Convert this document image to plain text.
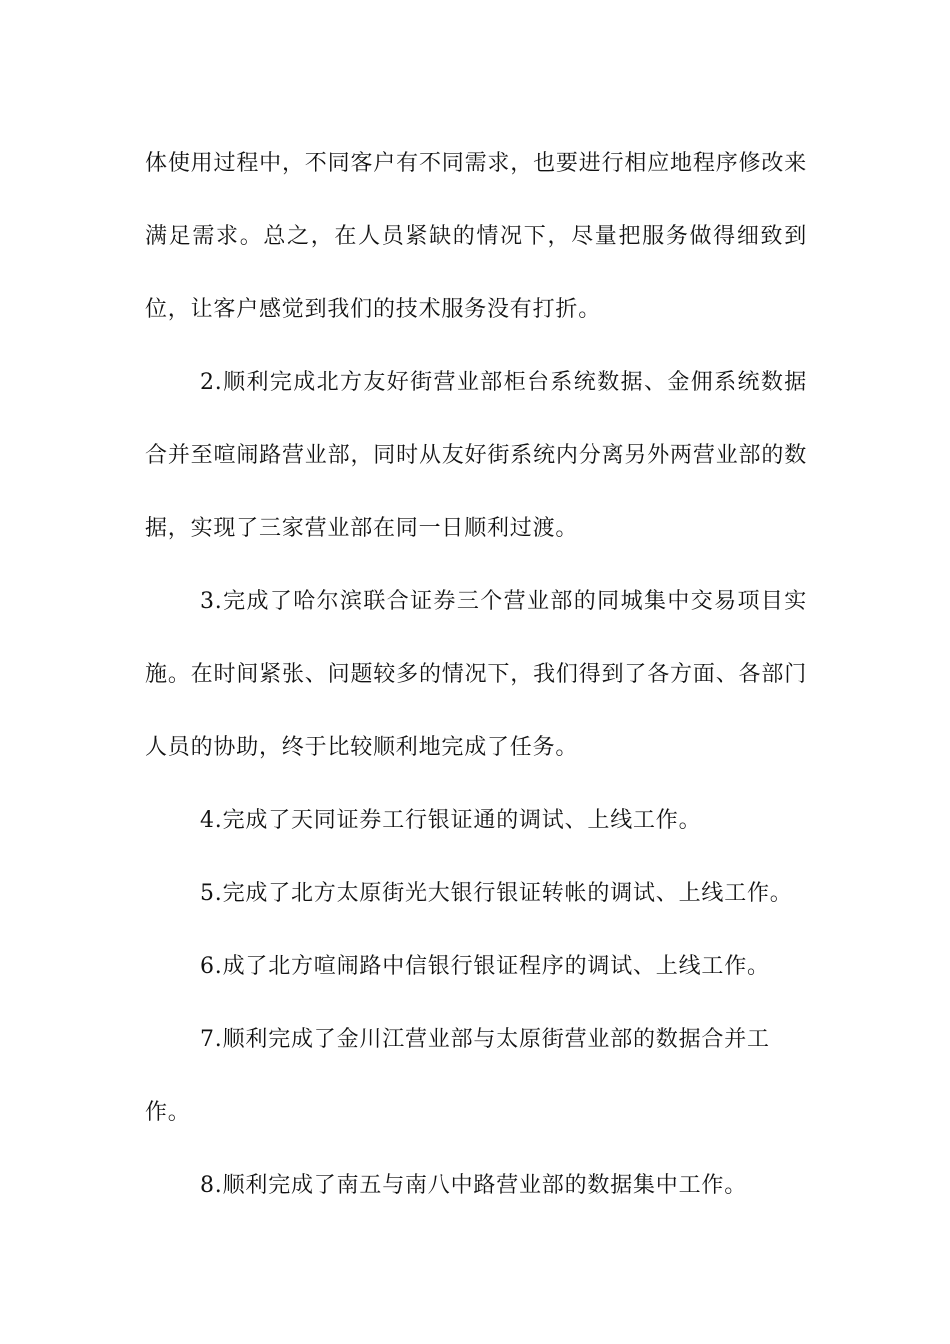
体使用过程中，不同客户有不同需求，也要进行相应地程序修改来满足需求。总之，在人员紧缺的情况下，尽量把服务做得细致到位，让客户感觉到我们的技术服务没有打折。

2.顺利完成北方友好街营业部柜台系统数据、金佣系统数据合并至喧闹路营业部，同时从友好街系统内分离另外两营业部的数据，实现了三家营业部在同一日顺利过渡。

3.完成了哈尔滨联合证券三个营业部的同城集中交易项目实施。在时间紧张、问题较多的情况下，我们得到了各方面、各部门人员的协助，终于比较顺利地完成了任务。

4.完成了天同证券工行银证通的调试、上线工作。

5.完成了北方太原街光大银行银证转帐的调试、上线工作。

6.成了北方喧闹路中信银行银证程序的调试、上线工作。

7.顺利完成了金川江营业部与太原街营业部的数据合并工作。

8.顺利完成了南五与南八中路营业部的数据集中工作。
